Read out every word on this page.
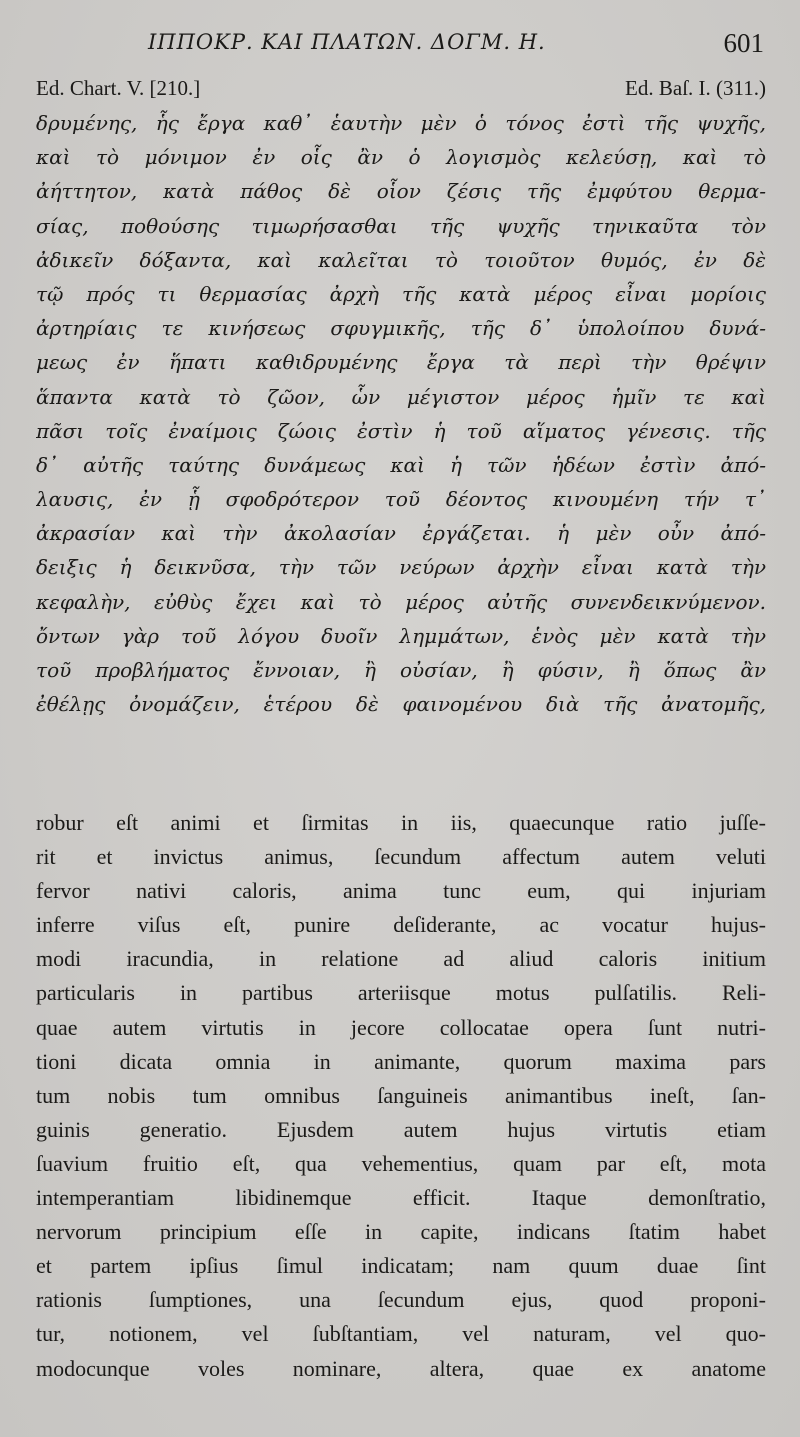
ΙΠΠΟΚΡ. ΚΑΙ ΠΛΑΤΩΝ. ΔΟΓΜ. Η.	601
Ed. Chart. V. [210.]	Ed. Baſ. I. (311.)
δρυμένης, ἧς ἔργα καθ᾽ ἑαυτὴν μὲν ὁ τόνος ἐστὶ τῆς ψυχῆς,
καὶ τὸ μόνιμον ἐν οἷς ἂν ὁ λογισμὸς κελεύσῃ, καὶ τὸ
ἀήττητον, κατὰ πάθος δὲ οἷον ζέσις τῆς ἐμφύτου θερμα-
σίας, ποθούσης τιμωρήσασθαι τῆς ψυχῆς τηνικαῦτα τὸν
ἀδικεῖν δόξαντα, καὶ καλεῖται τὸ τοιοῦτον θυμός, ἐν δὲ
τῷ πρός τι θερμασίας ἀρχὴ τῆς κατὰ μέρος εἶναι μορίοις
ἀρτηρίαις τε κινήσεως σφυγμικῆς, τῆς δ᾽ ὑπολοίπου δυνά-
μεως ἐν ἥπατι καθιδρυμένης ἔργα τὰ περὶ τὴν θρέψιν
ἅπαντα κατὰ τὸ ζῶον, ὧν μέγιστον μέρος ἡμῖν τε καὶ
πᾶσι τοῖς ἐναίμοις ζώοις ἐστὶν ἡ τοῦ αἵματος γένεσις. τῆς
δ᾽ αὐτῆς ταύτης δυνάμεως καὶ ἡ τῶν ἡδέων ἐστὶν ἀπό-
λαυσις, ἐν ᾗ σφοδρότερον τοῦ δέοντος κινουμένη τήν τ᾽
ἀκρασίαν καὶ τὴν ἀκολασίαν ἐργάζεται. ἡ μὲν οὖν ἀπό-
δειξις ἡ δεικνῦσα, τὴν τῶν νεύρων ἀρχὴν εἶναι κατὰ τὴν
κεφαλὴν, εὐθὺς ἔχει καὶ τὸ μέρος αὐτῆς συνενδεικνύμενον.
ὄντων γὰρ τοῦ λόγου δυοῖν λημμάτων, ἑνὸς μὲν κατὰ τὴν
τοῦ προβλήματος ἔννοιαν, ἢ οὐσίαν, ἢ φύσιν, ἢ ὅπως ἂν
ἐθέλῃς ὀνομάζειν, ἑτέρου δὲ φαινομένου διὰ τῆς ἀνατομῆς,
robur eſt animi et ſirmitas in iis, quaecunque ratio juſſe-
rit et invictus animus, ſecundum affectum autem veluti
fervor nativi caloris, anima tunc eum, qui injuriam
inferre viſus eſt, punire deſiderante, ac vocatur hujus-
modi iracundia, in relatione ad aliud caloris initium
particularis in partibus arteriisque motus pulſatilis. Reli-
quae autem virtutis in jecore collocatae opera ſunt nutri-
tioni dicata omnia in animante, quorum maxima pars
tum nobis tum omnibus ſanguineis animantibus ineſt, ſan-
guinis generatio. Ejusdem autem hujus virtutis etiam
ſuavium fruitio eſt, qua vehementius, quam par eſt, mota
intemperantiam libidinemque efficit. Itaque demonſtratio,
nervorum principium eſſe in capite, indicans ſtatim habet
et partem ipſius ſimul indicatam; nam quum duae ſint
rationis ſumptiones, una ſecundum ejus, quod proponi-
tur, notionem, vel ſubſtantiam, vel naturam, vel quo-
modocunque voles nominare, altera, quae ex anatome
